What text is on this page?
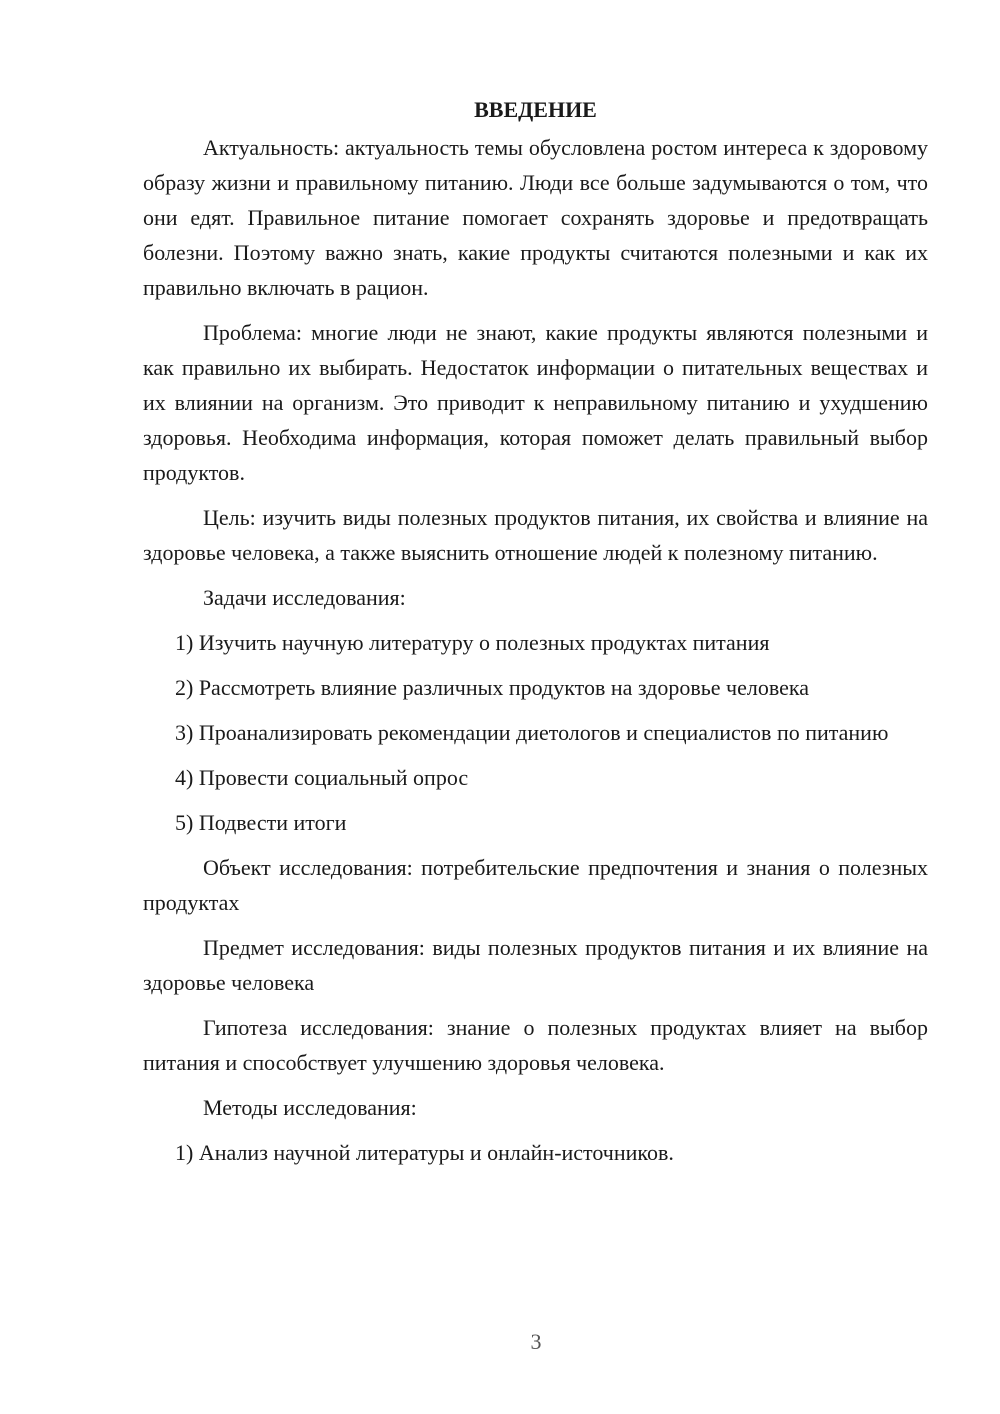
ВВЕДЕНИЕ

Актуальность: актуальность темы обусловлена ростом интереса к здоровому образу жизни и правильному питанию. Люди все больше задумываются о том, что они едят. Правильное питание помогает сохранять здоровье и предотвращать болезни. Поэтому важно знать, какие продукты считаются полезными и как их правильно включать в рацион.

Проблема: многие люди не знают, какие продукты являются полезными и как правильно их выбирать. Недостаток информации о питательных веществах и их влиянии на организм. Это приводит к неправильному питанию и ухудшению здоровья. Необходима информация, которая поможет делать правильный выбор продуктов.

Цель: изучить виды полезных продуктов питания, их свойства и влияние на здоровье человека, а также выяснить отношение людей к полезному питанию.

Задачи исследования:

1) Изучить научную литературу о полезных продуктах питания

2) Рассмотреть влияние различных продуктов на здоровье человека

3) Проанализировать рекомендации диетологов и специалистов по питанию

4) Провести социальный опрос

5) Подвести итоги

Объект исследования: потребительские предпочтения и знания о полезных продуктах

Предмет исследования: виды полезных продуктов питания и их влияние на здоровье человека

Гипотеза исследования: знание о полезных продуктах влияет на выбор питания и способствует улучшению здоровья человека.

Методы исследования:

1) Анализ научной литературы и онлайн-источников.

3
